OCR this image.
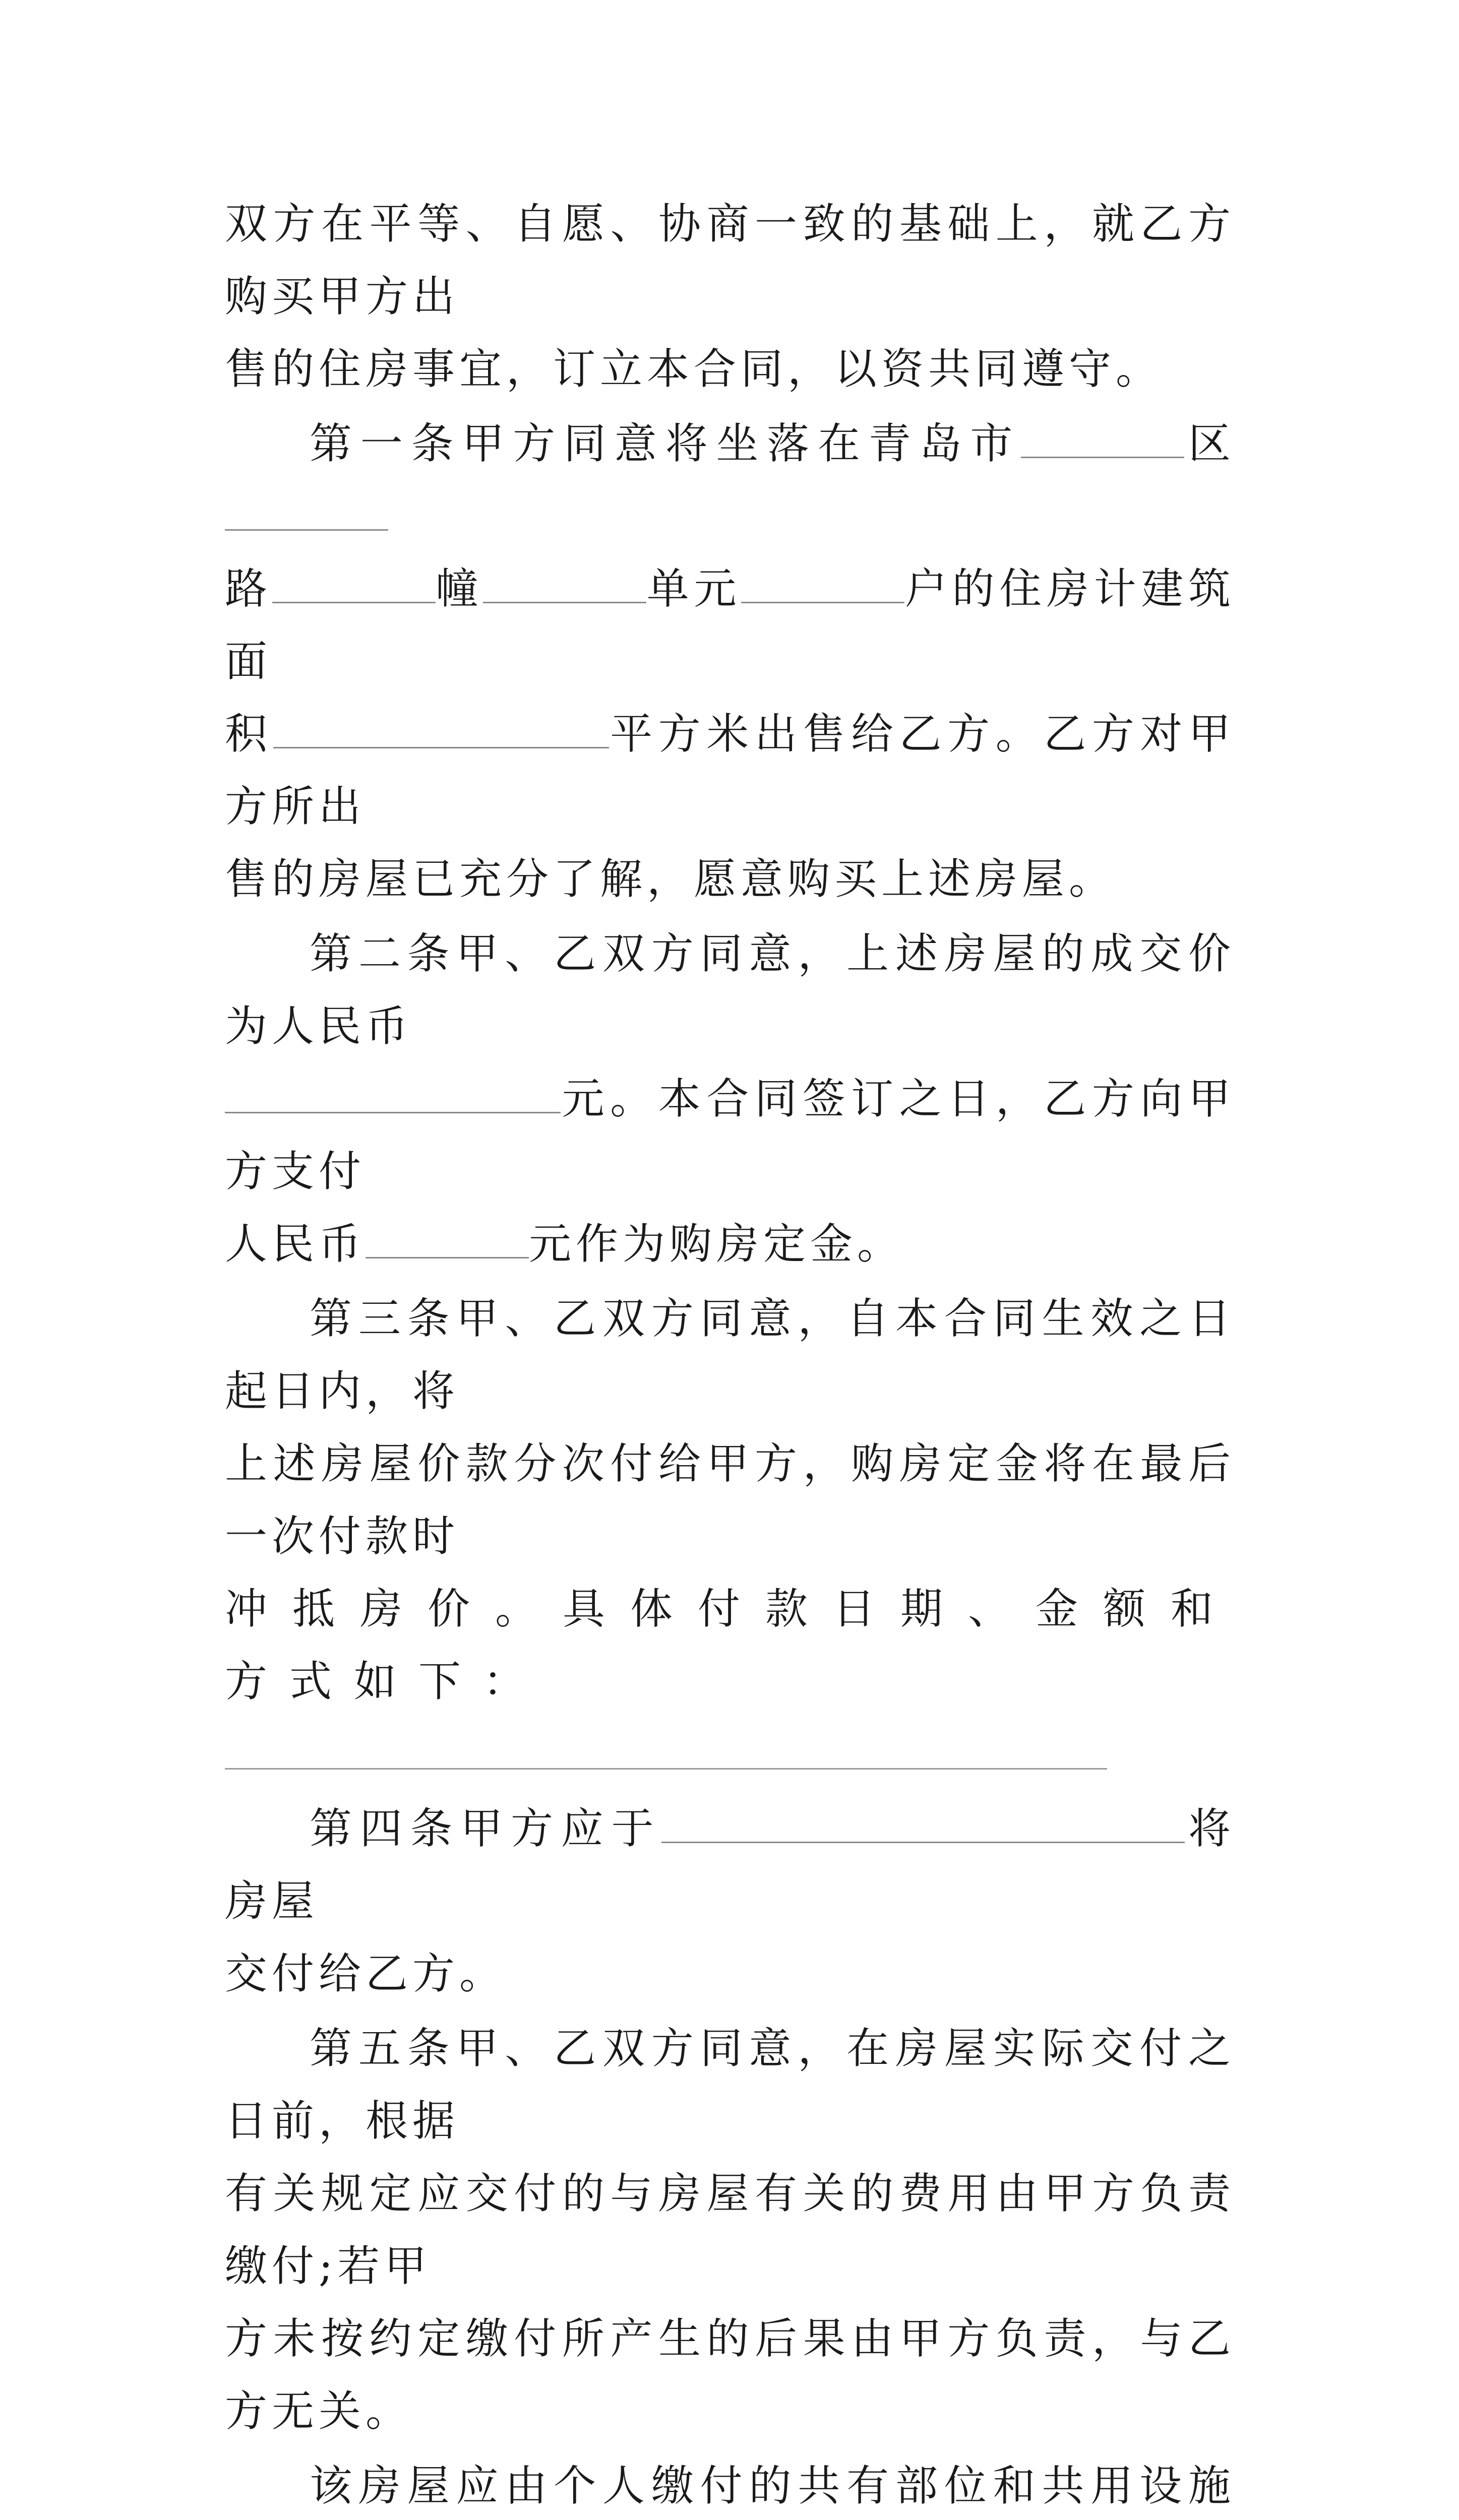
双方在平等、自愿、协商一致的基础上，就乙方购买甲方出

售的住房事宜，订立本合同，以资共同遵守。

第一条甲方同意将坐落在青岛市	区

路	幢	单元	户的住房计建筑面

积	平方米出售给乙方。乙方对甲方所出

售的房屋已充分了解，愿意购买上述房屋。

第二条甲、乙双方同意，上述房屋的成交价为人民币

元。本合同签订之日，乙方向甲方支付

人民币	元作为购房定金。

第三条甲、乙双方同意，自本合同生效之日起日内，将

上述房屋价款分次付给甲方，购房定金将在最后一次付款时

冲抵房价。具体付款日期、金额和方式如下：

第四条甲方应于	将房屋

交付给乙方。

第五条甲、乙双方同意，在房屋实际交付之日前，根据

有关规定应交付的与房屋有关的费用由甲方负责缴付;若甲

方未按约定缴付所产生的后果由甲方负责，与乙方无关。

该房屋应由个人缴付的共有部位和共用设施
